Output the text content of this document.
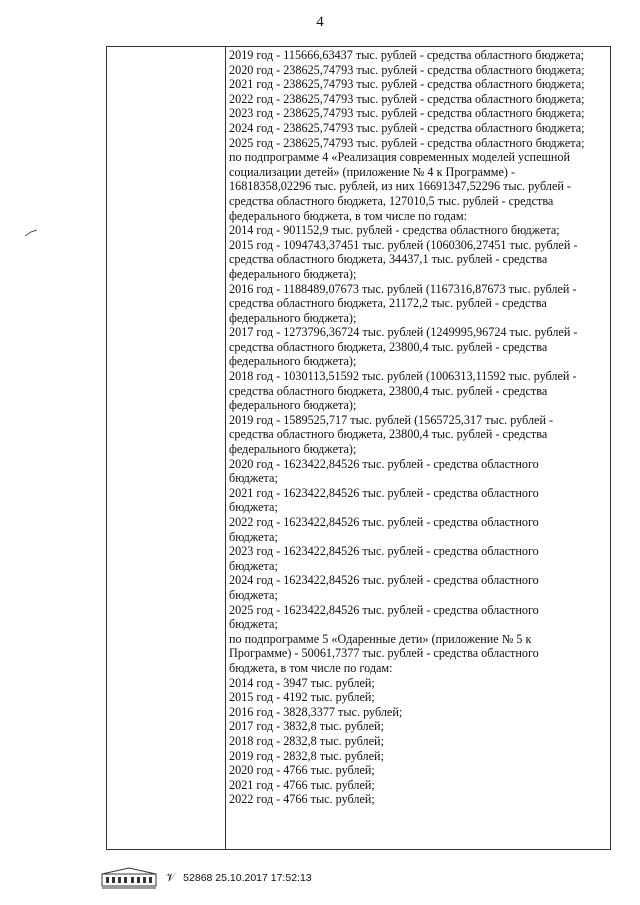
4
2019 год - 115666,63437 тыс. рублей - средства областного бюджета;
2020 год - 238625,74793 тыс. рублей - средства областного бюджета;
2021 год - 238625,74793 тыс. рублей - средства областного бюджета;
2022 год - 238625,74793 тыс. рублей - средства областного бюджета;
2023 год - 238625,74793 тыс. рублей - средства областного бюджета;
2024 год - 238625,74793 тыс. рублей - средства областного бюджета;
2025 год - 238625,74793 тыс. рублей - средства областного бюджета;
по подпрограмме 4 «Реализация современных моделей успешной
социализации детей» (приложение № 4 к Программе) -
16818358,02296 тыс. рублей, из них 16691347,52296 тыс. рублей -
средства областного бюджета, 127010,5 тыс. рублей - средства
федерального бюджета, в том числе по годам:
2014 год - 901152,9 тыс. рублей - средства областного бюджета;
2015 год - 1094743,37451 тыс. рублей (1060306,27451 тыс. рублей -
средства областного бюджета, 34437,1 тыс. рублей - средства
федерального бюджета);
2016 год - 1188489,07673 тыс. рублей (1167316,87673 тыс. рублей -
средства областного бюджета, 21172,2 тыс. рублей - средства
федерального бюджета);
2017 год - 1273796,36724 тыс. рублей (1249995,96724 тыс. рублей -
средства областного бюджета, 23800,4 тыс. рублей - средства
федерального бюджета);
2018 год - 1030113,51592 тыс. рублей (1006313,11592 тыс. рублей -
средства областного бюджета, 23800,4 тыс. рублей - средства
федерального бюджета);
2019 год - 1589525,717 тыс. рублей (1565725,317 тыс. рублей -
средства областного бюджета, 23800,4 тыс. рублей - средства
федерального бюджета);
2020 год - 1623422,84526 тыс. рублей - средства областного
бюджета;
2021 год - 1623422,84526 тыс. рублей - средства областного
бюджета;
2022 год - 1623422,84526 тыс. рублей - средства областного
бюджета;
2023 год - 1623422,84526 тыс. рублей - средства областного
бюджета;
2024 год - 1623422,84526 тыс. рублей - средства областного
бюджета;
2025 год - 1623422,84526 тыс. рублей - средства областного
бюджета;
по подпрограмме 5 «Одаренные дети» (приложение № 5 к
Программе) - 50061,7377 тыс. рублей - средства областного
бюджета, в том числе по годам:
2014 год - 3947 тыс. рублей;
2015 год - 4192 тыс. рублей;
2016 год - 3828,3377 тыс. рублей;
2017 год - 3832,8 тыс. рублей;
2018 год - 2832,8 тыс. рублей;
2019 год - 2832,8 тыс. рублей;
2020 год - 4766 тыс. рублей;
2021 год - 4766 тыс. рублей;
2022 год - 4766 тыс. рублей;
𝒱 52868 25.10.2017 17:52:13
